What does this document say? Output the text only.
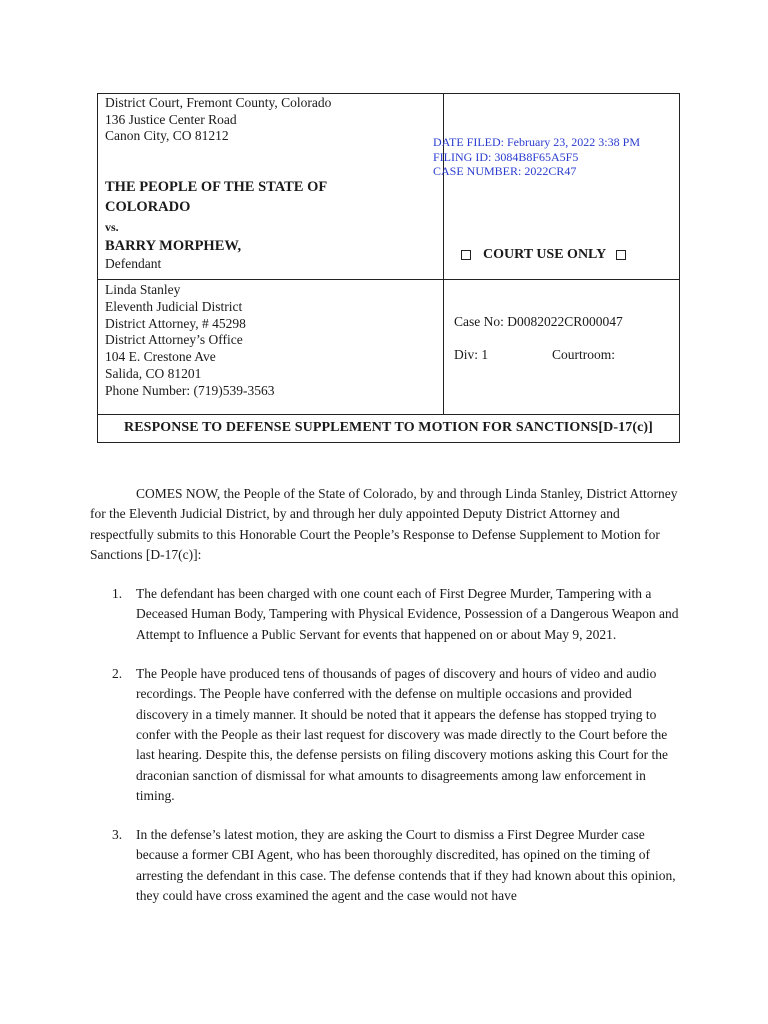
District Court, Fremont County, Colorado
136 Justice Center Road
Canon City, CO 81212
THE PEOPLE OF THE STATE OF
COLORADO
vs.
BARRY MORPHEW,
Defendant
DATE FILED: February 23, 2022 3:38 PM
FILING ID: 3084B8F65A5F5
CASE NUMBER: 2022CR47
COURT USE ONLY
Linda Stanley
Eleventh Judicial District
District Attorney, # 45298
District Attorney’s Office
104 E. Crestone Ave
Salida, CO 81201
Phone Number: (719)539-3563
Case No: D0082022CR000047
Div: 1	Courtroom:
RESPONSE TO DEFENSE SUPPLEMENT TO MOTION FOR SANCTIONS[D-17(c)]

COMES NOW, the People of the State of Colorado, by and through Linda Stanley, District Attorney for the Eleventh Judicial District, by and through her duly appointed Deputy District Attorney and respectfully submits to this Honorable Court the People’s Response to Defense Supplement to Motion for Sanctions [D-17(c)]:

1. The defendant has been charged with one count each of First Degree Murder, Tampering with a Deceased Human Body, Tampering with Physical Evidence, Possession of a Dangerous Weapon and Attempt to Influence a Public Servant for events that happened on or about May 9, 2021.
2. The People have produced tens of thousands of pages of discovery and hours of video and audio recordings. The People have conferred with the defense on multiple occasions and provided discovery in a timely manner. It should be noted that it appears the defense has stopped trying to confer with the People as their last request for discovery was made directly to the Court before the last hearing. Despite this, the defense persists on filing discovery motions asking this Court for the draconian sanction of dismissal for what amounts to disagreements among law enforcement in timing.
3. In the defense’s latest motion, they are asking the Court to dismiss a First Degree Murder case because a former CBI Agent, who has been thoroughly discredited, has opined on the timing of arresting the defendant in this case. The defense contends that if they had known about this opinion, they could have cross examined the agent and the case would not have
